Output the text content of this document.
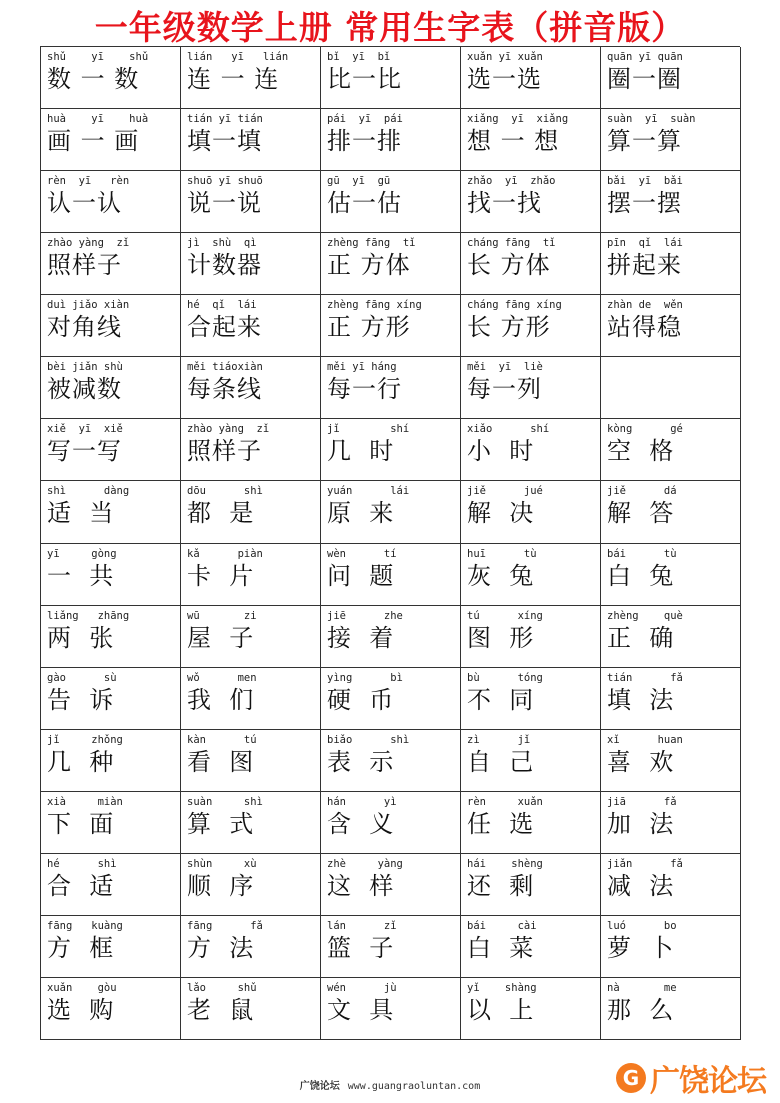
一年级数学上册 常用生字表（拼音版）
shǔ    yī    shǔ
数 一 数
lián   yī   lián
连 一 连
bǐ  yī  bǐ
比一比
xuǎn yī xuǎn
选一选
quān yī quān
圈一圈
huà    yī    huà
画 一 画
tián yī tián
填一填
pái  yī  pái
排一排
xiǎng  yī  xiǎng
想 一 想
suàn  yī  suàn
算一算
rèn  yī   rèn
认一认
shuō yī shuō
说一说
gū  yī  gū
估一估
zhǎo  yī  zhǎo
找一找
bǎi  yī  bǎi
摆一摆
zhào yàng  zǐ
照样子
jì  shù  qì
计数器
zhèng fāng  tǐ
正 方体
cháng fāng  tǐ
长 方体
pīn  qǐ  lái
拼起来
duì jiǎo xiàn
对角线
hé  qǐ  lái
合起来
zhèng fāng xíng
正 方形
cháng fāng xíng
长 方形
zhàn de  wěn
站得稳
bèi jiǎn shù
被减数
měi tiáoxiàn
每条线
měi yī háng
每一行
měi  yī  liè
每一列
xiě  yī  xiě
写一写
zhào yàng  zǐ
照样子
jǐ        shí
几  时
xiǎo      shí
小  时
kòng      gé
空  格
shì      dàng
适  当
dōu      shì
都  是
yuán      lái
原  来
jiě      jué
解  决
jiě      dá
解  答
yī     gòng
一  共
kǎ      piàn
卡  片
wèn      tí
问  题
huī      tù
灰  兔
bái      tù
白  兔
liǎng   zhāng
两  张
wū       zi
屋  子
jiē      zhe
接  着
tú      xíng
图  形
zhèng    què
正  确
gào      sù
告  诉
wǒ      men
我  们
yìng      bì
硬  币
bù      tóng
不  同
tián      fǎ
填  法
jǐ     zhǒng
几  种
kàn      tú
看  图
biǎo      shì
表  示
zì      jǐ
自  己
xǐ      huan
喜  欢
xià     miàn
下  面
suàn     shì
算  式
hán      yì
含  义
rèn     xuǎn
任  选
jiā      fǎ
加  法
hé      shì
合  适
shùn     xù
顺  序
zhè     yàng
这  样
hái    shèng
还  剩
jiǎn      fǎ
减  法
fāng   kuàng
方  框
fāng      fǎ
方  法
lán      zǐ
篮  子
bái     cài
白  菜
luó      bo
萝  卜
xuǎn    gòu
选  购
lǎo     shǔ
老  鼠
wén      jù
文  具
yǐ    shàng
以  上
nà       me
那  么
广饶论坛 www.guangraoluntan.com	G 广饶论坛
